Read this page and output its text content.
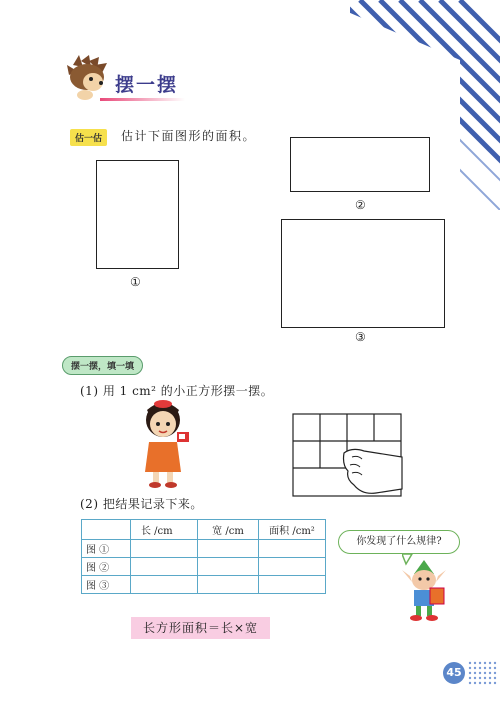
摆一摆
估一估	估计下面图形的面积。
①
②
③
摆一摆，填一填
(1) 用 1 cm² 的小正方形摆一摆。
(2) 把结果记录下来。
	长 /cm	宽 /cm	面积 /cm²
图 ①			
图 ②			
图 ③			
你发现了什么规律?
长方形面积＝长×宽
45
